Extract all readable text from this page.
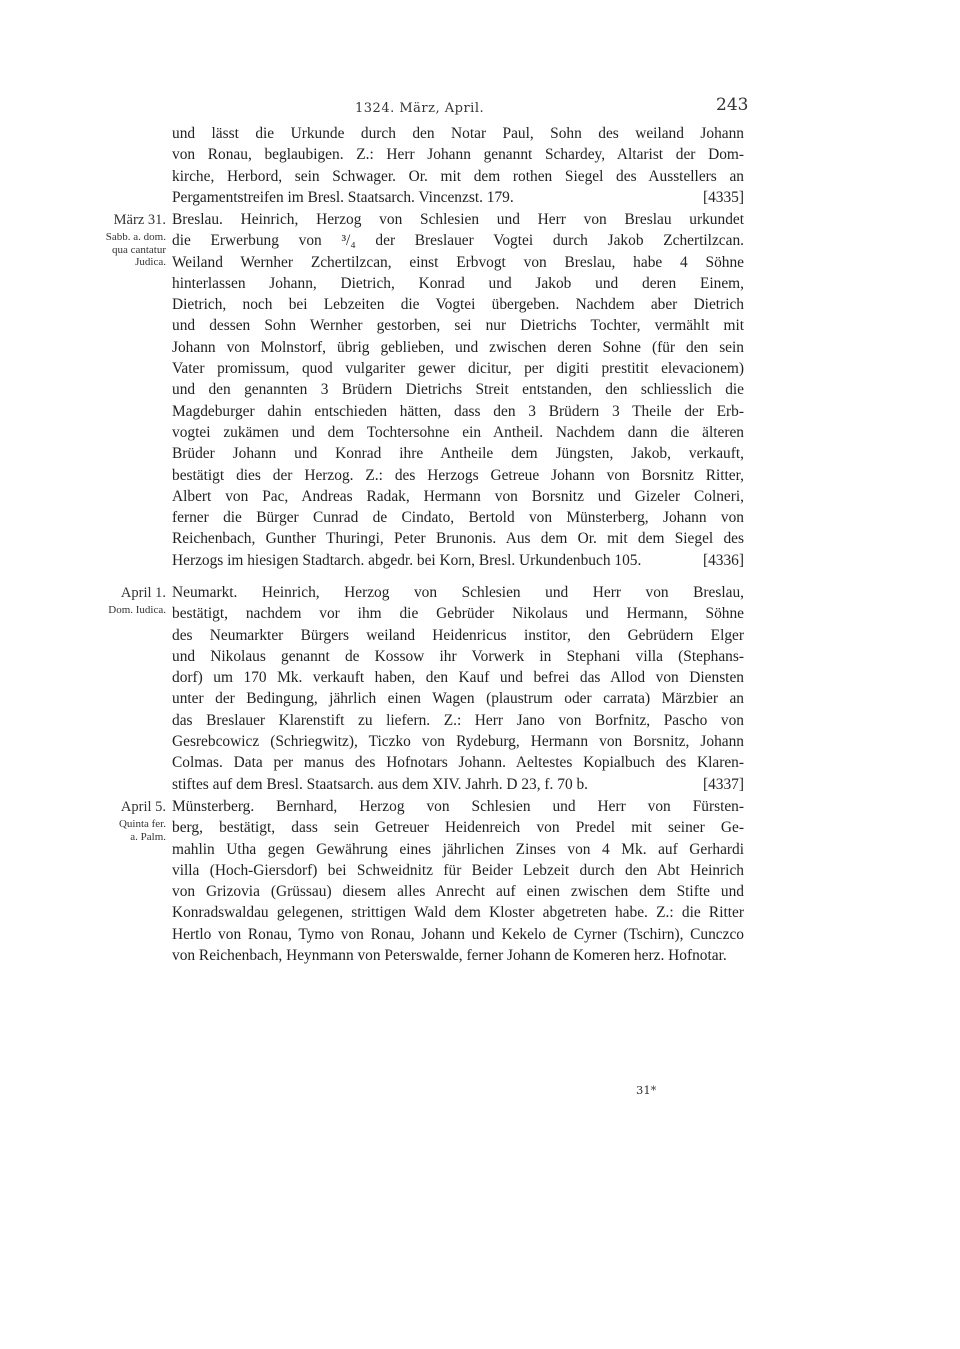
1324. März, April.	243
und lässt die Urkunde durch den Notar Paul, Sohn des weiland Johann
von Ronau, beglaubigen. Z.: Herr Johann genannt Schardey, Altarist der Dom-
kirche, Herbord, sein Schwager. Or. mit dem rothen Siegel des Ausstellers an
Pergamentstreifen im Bresl. Staatsarch. Vincenzst. 179.	[4335]
März 31.
Sabb. a. dom.
qua cantatur
Judica.
Breslau. Heinrich, Herzog von Schlesien und Herr von Breslau urkundet
die Erwerbung von ³/₄ der Breslauer Vogtei durch Jakob Zchertilzcan.
Weiland Wernher Zchertilzcan, einst Erbvogt von Breslau, habe 4 Söhne
hinterlassen Johann, Dietrich, Konrad und Jakob und deren Einem,
Dietrich, noch bei Lebzeiten die Vogtei übergeben. Nachdem aber Dietrich
und dessen Sohn Wernher gestorben, sei nur Dietrichs Tochter, vermählt mit
Johann von Molnstorf, übrig geblieben, und zwischen deren Sohne (für den sein
Vater promissum, quod vulgariter gewer dicitur, per digiti prestitit elevacionem)
und den genannten 3 Brüdern Dietrichs Streit entstanden, den schliesslich die
Magdeburger dahin entschieden hätten, dass den 3 Brüdern 3 Theile der Erb-
vogtei zukämen und dem Tochtersohne ein Antheil. Nachdem dann die älteren
Brüder Johann und Konrad ihre Antheile dem Jüngsten, Jakob, verkauft,
bestätigt dies der Herzog. Z.: des Herzogs Getreue Johann von Borsnitz Ritter,
Albert von Pac, Andreas Radak, Hermann von Borsnitz und Gizeler Colneri,
ferner die Bürger Cunrad de Cindato, Bertold von Münsterberg, Johann von
Reichenbach, Gunther Thuringi, Peter Brunonis. Aus dem Or. mit dem Siegel des
Herzogs im hiesigen Stadtarch. abgedr. bei Korn, Bresl. Urkundenbuch 105.	[4336]
April 1.
Dom. Iudica.
Neumarkt. Heinrich, Herzog von Schlesien und Herr von Breslau,
bestätigt, nachdem vor ihm die Gebrüder Nikolaus und Hermann, Söhne
des Neumarkter Bürgers weiland Heidenricus institor, den Gebrüdern Elger
und Nikolaus genannt de Kossow ihr Vorwerk in Stephani villa (Stephans-
dorf) um 170 Mk. verkauft haben, den Kauf und befrei das Allod von Diensten
unter der Bedingung, jährlich einen Wagen (plaustrum oder carrata) Märzbier an
das Breslauer Klarenstift zu liefern. Z.: Herr Jano von Borfnitz, Pascho von
Gesrebcowicz (Schriegwitz), Ticzko von Rydeburg, Hermann von Borsnitz, Johann
Colmas. Data per manus des Hofnotars Johann. Aeltestes Kopialbuch des Klaren-
stiftes auf dem Bresl. Staatsarch. aus dem XIV. Jahrh. D 23, f. 70 b.	[4337]
April 5.
Quinta fer.
a. Palm.
Münsterberg. Bernhard, Herzog von Schlesien und Herr von Fürsten-
berg, bestätigt, dass sein Getreuer Heidenreich von Predel mit seiner Ge-
mahlin Utha gegen Gewährung eines jährlichen Zinses von 4 Mk. auf Gerhardi
villa (Hoch-Giersdorf) bei Schweidnitz für Beider Lebzeit durch den Abt Heinrich
von Grizovia (Grüssau) diesem alles Anrecht auf einen zwischen dem Stifte und
Konradswaldau gelegenen, strittigen Wald dem Kloster abgetreten habe. Z.: die Ritter
Hertlo von Ronau, Tymo von Ronau, Johann und Kekelo de Cyrner (Tschirn), Cunczco
von Reichenbach, Heynmann von Peterswalde, ferner Johann de Komeren herz. Hofnotar.
31*
